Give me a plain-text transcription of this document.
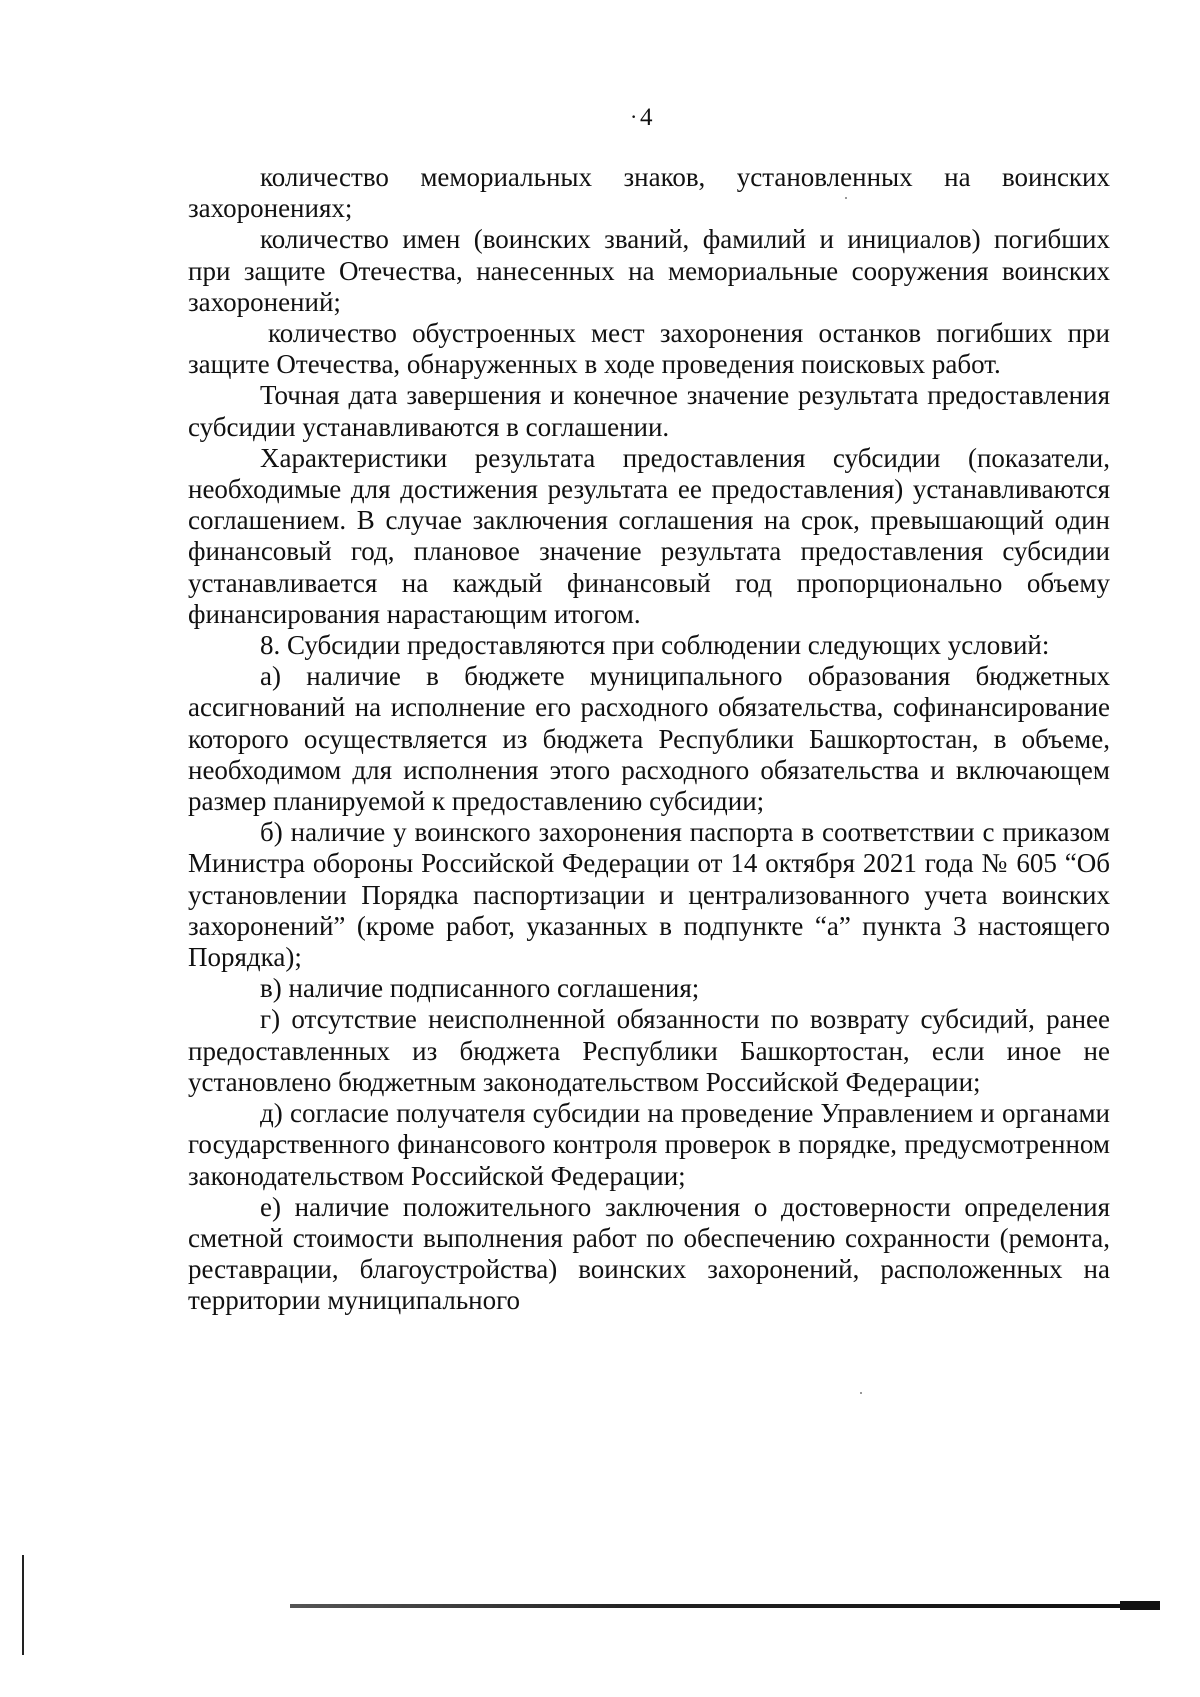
· 4

количество мемориальных знаков, установленных на воинских захоронениях;

количество имен (воинских званий, фамилий и инициалов) погибших при защите Отечества, нанесенных на мемориальные сооружения воинских захоронений;

количество обустроенных мест захоронения останков погибших при защите Отечества, обнаруженных в ходе проведения поисковых работ.

Точная дата завершения и конечное значение результата предоставления субсидии устанавливаются в соглашении.

Характеристики результата предоставления субсидии (показатели, необходимые для достижения результата ее предоставления) устанавливаются соглашением. В случае заключения соглашения на срок, превышающий один финансовый год, плановое значение результата предоставления субсидии устанавливается на каждый финансовый год пропорционально объему финансирования нарастающим итогом.

8. Субсидии предоставляются при соблюдении следующих условий:

а) наличие в бюджете муниципального образования бюджетных ассигнований на исполнение его расходного обязательства, софинансирование которого осуществляется из бюджета Республики Башкортостан, в объеме, необходимом для исполнения этого расходного обязательства и включающем размер планируемой к предоставлению субсидии;

б) наличие у воинского захоронения паспорта в соответствии с приказом Министра обороны Российской Федерации от 14 октября 2021 года № 605 “Об установлении Порядка паспортизации и централизованного учета воинских захоронений” (кроме работ, указанных в подпункте “а” пункта 3 настоящего Порядка);

в) наличие подписанного соглашения;

г) отсутствие неисполненной обязанности по возврату субсидий, ранее предоставленных из бюджета Республики Башкортостан, если иное не установлено бюджетным законодательством Российской Федерации;

д) согласие получателя субсидии на проведение Управлением и органами государственного финансового контроля проверок в порядке, предусмотренном законодательством Российской Федерации;

е) наличие положительного заключения о достоверности определения сметной стоимости выполнения работ по обеспечению сохранности (ремонта, реставрации, благоустройства) воинских захоронений, расположенных на территории муниципального
